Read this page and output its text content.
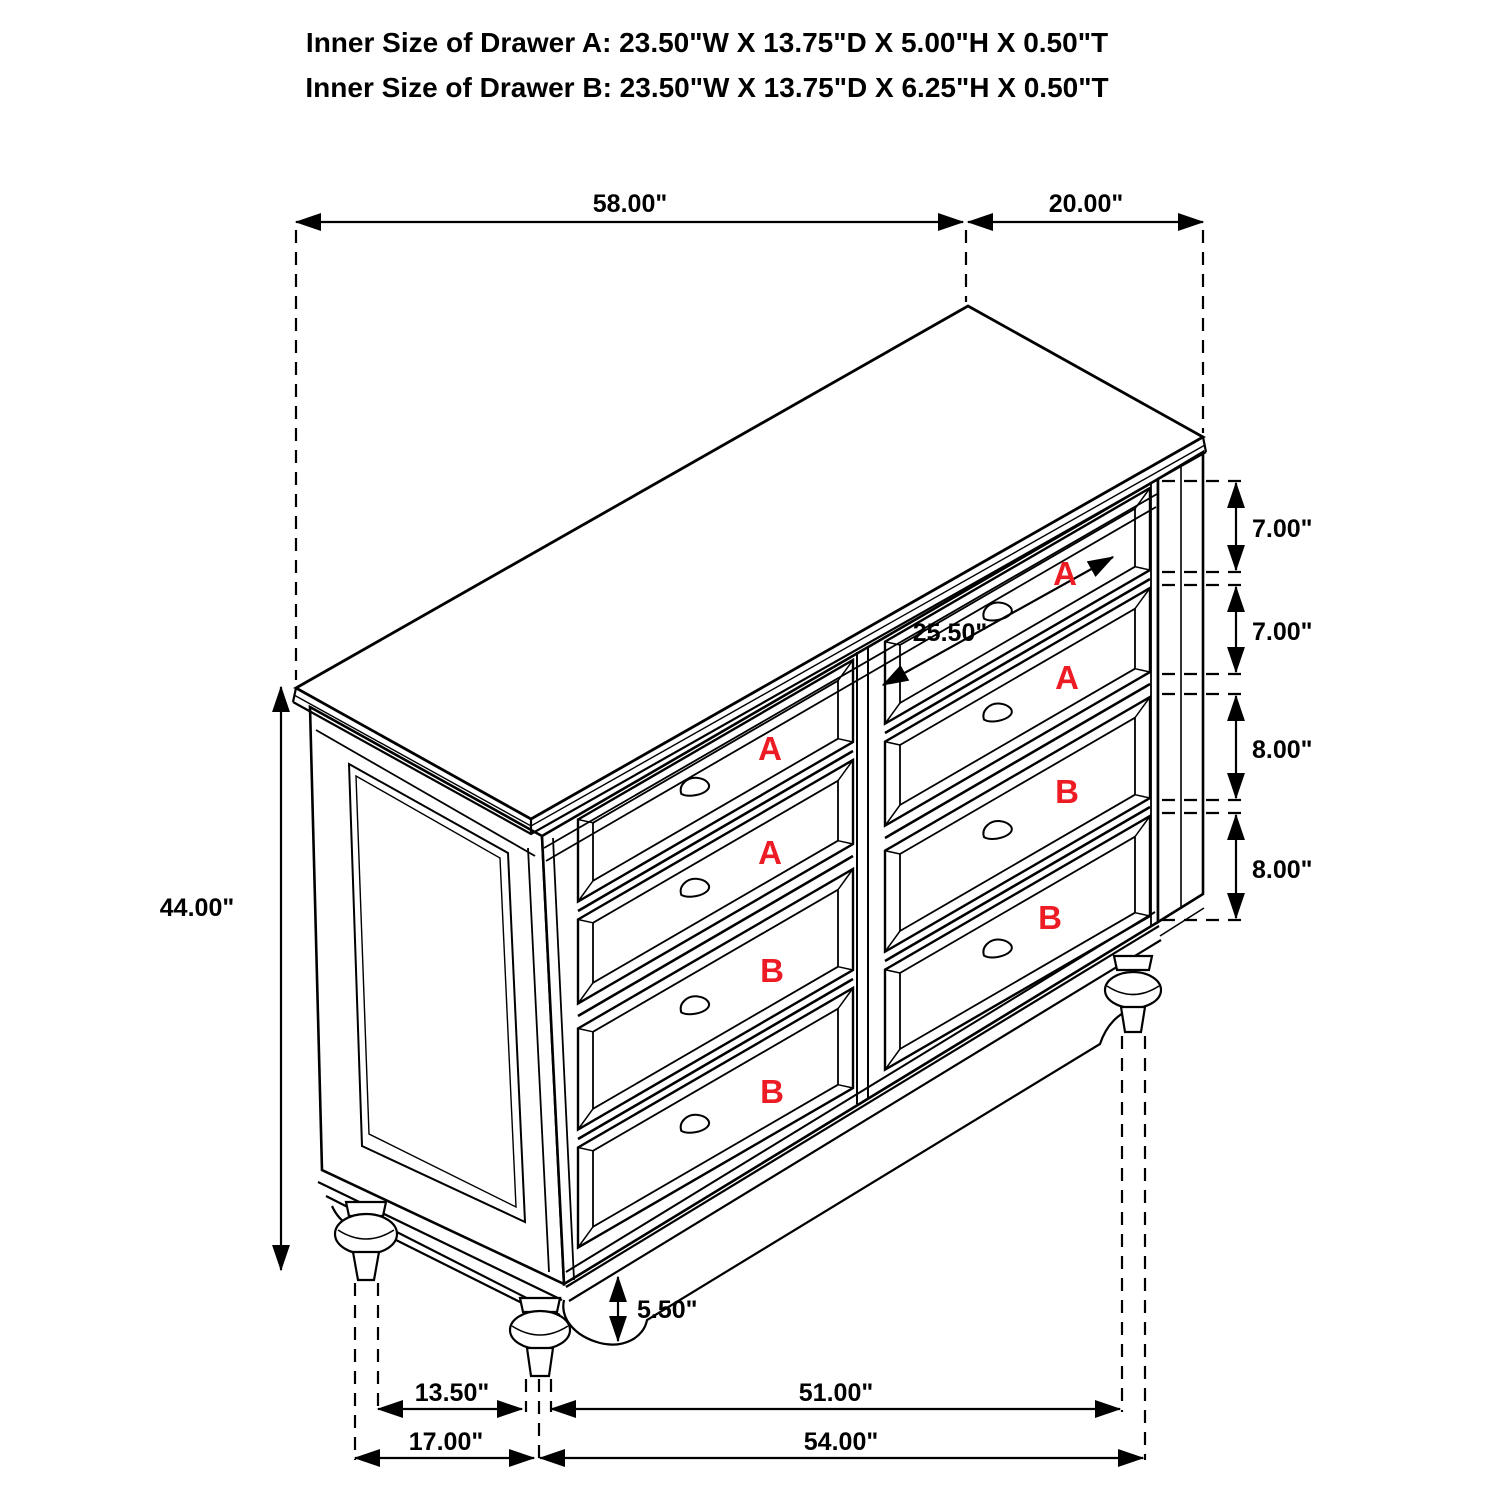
Inner Size of Drawer A: 23.50"W X 13.75"D X 5.00"H X 0.50"T
Inner Size of Drawer B: 23.50"W X 13.75"D X 6.25"H X 0.50"T
58.00"	20.00"
44.00"
25.50"
13.50"	51.00"
17.00"	54.00"
7.00"
7.00"
8.00"
8.00"
5.50"
A
A
B
B
A
A
B
B
